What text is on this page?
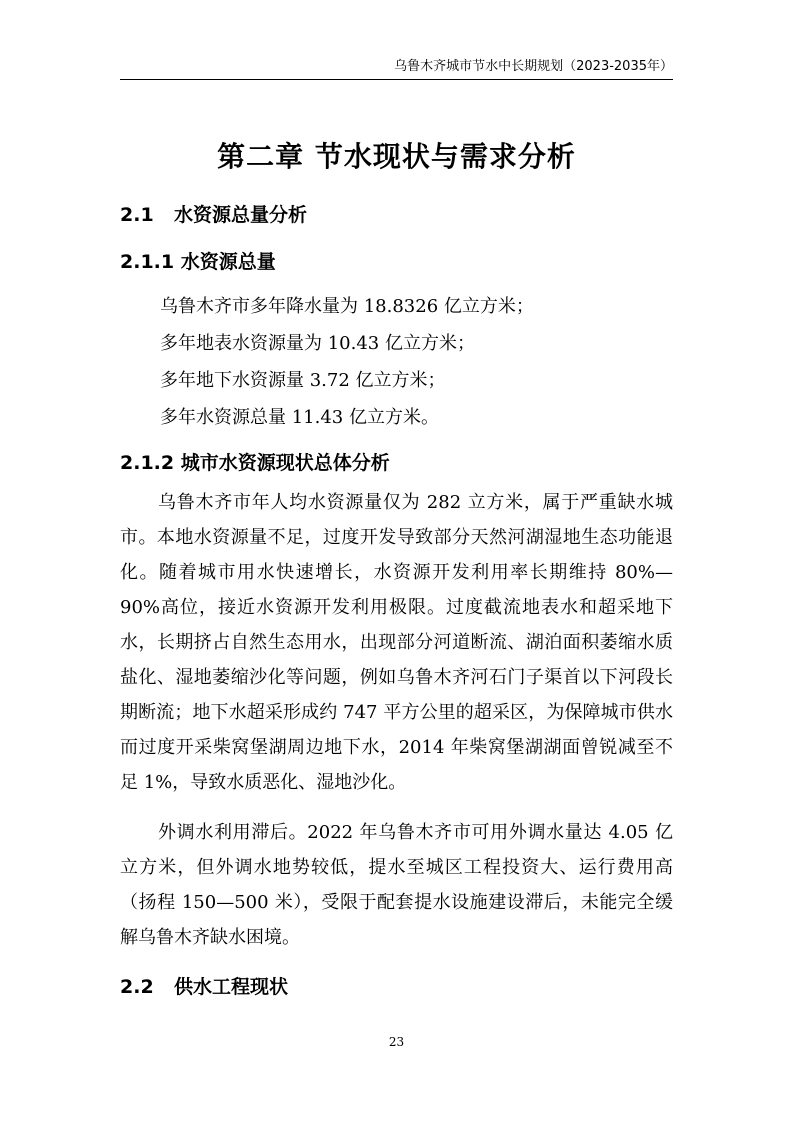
乌鲁木齐城市节水中长期规划（2023-2035年）
第二章 节水现状与需求分析
2.1 水资源总量分析
2.1.1 水资源总量

乌鲁木齐市多年降水量为 18.8326 亿立方米；

多年地表水资源量为 10.43 亿立方米；

多年地下水资源量 3.72 亿立方米；

多年水资源总量 11.43 亿立方米。

2.1.2 城市水资源现状总体分析

乌鲁木齐市年人均水资源量仅为 282 立方米，属于严重缺水城市。本地水资源量不足，过度开发导致部分天然河湖湿地生态功能退化。随着城市用水快速增长，水资源开发利用率长期维持 80%—90%高位，接近水资源开发利用极限。过度截流地表水和超采地下水，长期挤占自然生态用水，出现部分河道断流、湖泊面积萎缩水质盐化、湿地萎缩沙化等问题，例如乌鲁木齐河石门子渠首以下河段长期断流；地下水超采形成约 747 平方公里的超采区，为保障城市供水而过度开采柴窝堡湖周边地下水，2014 年柴窝堡湖湖面曾锐减至不足 1%，导致水质恶化、湿地沙化。

外调水利用滞后。2022 年乌鲁木齐市可用外调水量达 4.05 亿立方米，但外调水地势较低，提水至城区工程投资大、运行费用高（扬程 150—500 米），受限于配套提水设施建设滞后，未能完全缓解乌鲁木齐缺水困境。

2.2 供水工程现状
23
